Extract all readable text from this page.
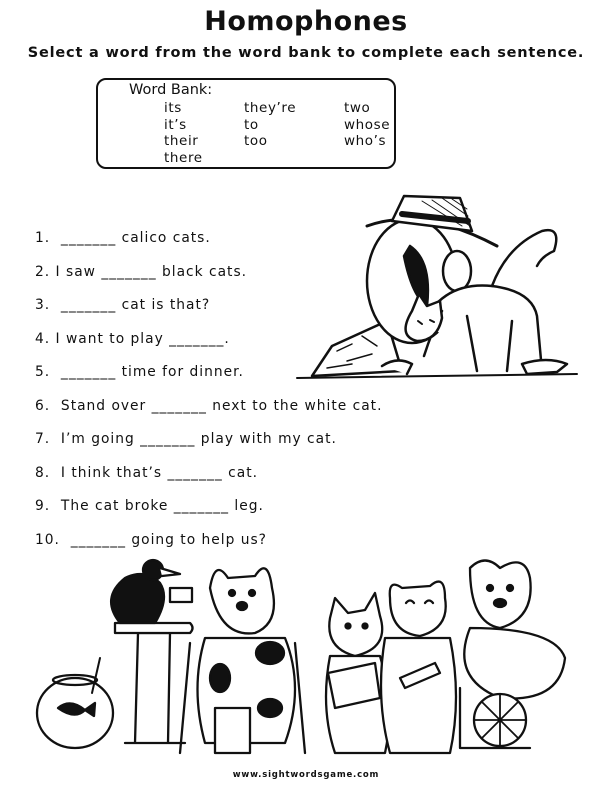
Homophones
Select a word from the word bank to complete each sentence.
Word Bank:
its	they’re	two
it’s	to	whose
their	too	who’s
there
1.  _______ calico cats.
2. I saw _______ black cats.
3.  _______ cat is that?
4. I want to play _______.
5.  _______ time for dinner.
6.  Stand over _______ next to the white cat.
7.  I’m going _______ play with my cat.
8.  I think that’s _______ cat.
9.  The cat broke _______ leg.
10.  _______ going to help us?
www.sightwordsgame.com
